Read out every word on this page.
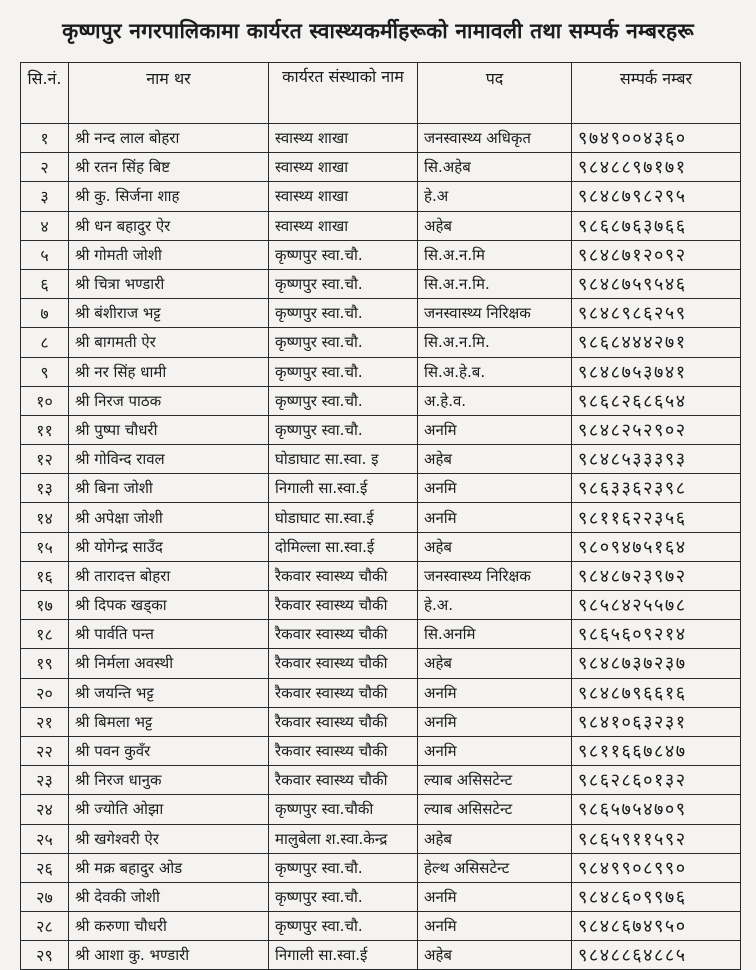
कृष्णपुर नगरपालिकामा कार्यरत स्वास्थ्यकर्मीहरूको नामावली तथा सम्पर्क नम्बरहरू
सि.नं.	नाम थर	कार्यरत संस्थाको नाम	पद	सम्पर्क नम्बर
१	श्री नन्द लाल बोहरा	स्वास्थ्य शाखा	जनस्वास्थ्य अधिकृत	९७४९००४३६०
२	श्री रतन सिंह बिष्ट	स्वास्थ्य शाखा	सि.अहेब	९८४८८९७१७१
३	श्री कु. सिर्जना शाह	स्वास्थ्य शाखा	हे.अ	९८४८७९८२९५
४	श्री धन बहादुर ऐर	स्वास्थ्य शाखा	अहेब	९८६८७६३७६६
५	श्री गोमती जोशी	कृष्णपुर स्वा.चौ.	सि.अ.न.मि	९८४८७१२०९२
६	श्री चित्रा भण्डारी	कृष्णपुर स्वा.चौ.	सि.अ.न.मि.	९८४८७५९५४६
७	श्री बंशीराज भट्ट	कृष्णपुर स्वा.चौ.	जनस्वास्थ्य निरिक्षक	९८४८९८६२५९
८	श्री बागमती ऐर	कृष्णपुर स्वा.चौ.	सि.अ.न.मि.	९८६८४४४२७१
९	श्री नर सिंह धामी	कृष्णपुर स्वा.चौ.	सि.अ.हे.ब.	९८४८७५३७४१
१०	श्री निरज पाठक	कृष्णपुर स्वा.चौ.	अ.हे.व.	९८६८२६८६५४
११	श्री पुष्पा चौधरी	कृष्णपुर स्वा.चौ.	अनमि	९८४८२५२९०२
१२	श्री गोविन्द रावल	घोडाघाट सा.स्वा. इ	अहेब	९८४८५३३३९३
१३	श्री बिना जोशी	निगाली सा.स्वा.ई	अनमि	९८६३३६२३९८
१४	श्री अपेक्षा जोशी	घोडाघाट सा.स्वा.ई	अनमि	९८११६२२३५६
१५	श्री योगेन्द्र साउँद	दोमिल्ला सा.स्वा.ई	अहेब	९८०९४७५१६४
१६	श्री तारादत्त बोहरा	रैकवार स्वास्थ्य चौकी	जनस्वास्थ्य निरिक्षक	९८४८७२३९७२
१७	श्री दिपक खड्का	रैकवार स्वास्थ्य चौकी	हे.अ.	९८५८४२५५७८
१८	श्री पार्वति पन्त	रैकवार स्वास्थ्य चौकी	सि.अनमि	९८६५६०९२१४
१९	श्री निर्मला अवस्थी	रैकवार स्वास्थ्य चौकी	अहेब	९८४८७३७२३७
२०	श्री जयन्ति भट्ट	रैकवार स्वास्थ्य चौकी	अनमि	९८४८७९६६१६
२१	श्री बिमला भट्ट	रैकवार स्वास्थ्य चौकी	अनमि	९८४१०६३२३१
२२	श्री पवन कुवँर	रैकवार स्वास्थ्य चौकी	अनमि	९८११६६७८४७
२३	श्री निरज धानुक	रैकवार स्वास्थ्य चौकी	ल्याब असिसटेन्ट	९८६२८६०१३२
२४	श्री ज्योति ओझा	कृष्णपुर स्वा.चौकी	ल्याब असिसटेन्ट	९८६५७५४७०९
२५	श्री खगेश्वरी ऐर	मालुबेला श.स्वा.केन्द्र	अहेब	९८६५९११५९२
२६	श्री मक्र बहादुर ओड	कृष्णपुर स्वा.चौ.	हेल्थ असिसटेन्ट	९८४९९०८९९०
२७	श्री देवकी जोशी	कृष्णपुर स्वा.चौ.	अनमि	९८४८६०९९७६
२८	श्री करुणा चौधरी	कृष्णपुर स्वा.चौ.	अनमि	९८४८६७४९५०
२९	श्री आशा कु. भण्डारी	निगाली सा.स्वा.ई	अहेब	९८४८८६४८८५
